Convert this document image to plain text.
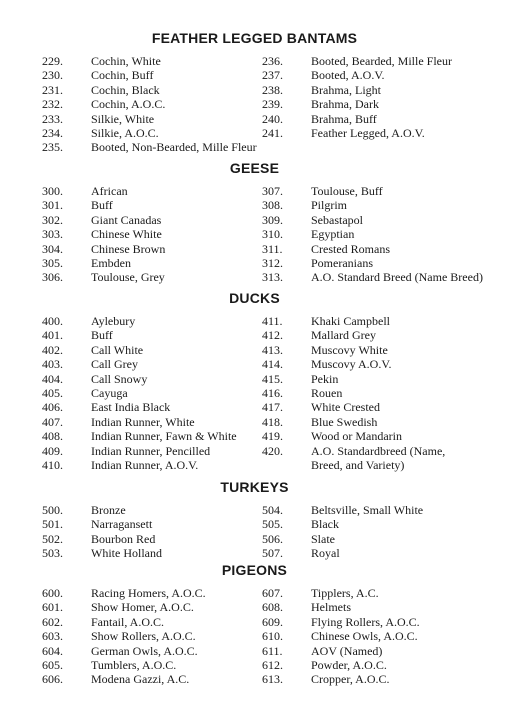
FEATHER LEGGED BANTAMS
229. Cochin, White
230. Cochin, Buff
231. Cochin, Black
232. Cochin, A.O.C.
233. Silkie, White
234. Silkie, A.O.C.
235. Booted, Non-Bearded, Mille Fleur
236. Booted, Bearded, Mille Fleur
237. Booted, A.O.V.
238. Brahma, Light
239. Brahma, Dark
240. Brahma, Buff
241. Feather Legged, A.O.V.
GEESE
300. African
301. Buff
302. Giant Canadas
303. Chinese White
304. Chinese Brown
305. Embden
306. Toulouse, Grey
307. Toulouse, Buff
308. Pilgrim
309. Sebastapol
310. Egyptian
311. Crested Romans
312. Pomeranians
313. A.O. Standard Breed (Name Breed)
DUCKS
400. Aylebury
401. Buff
402. Call White
403. Call Grey
404. Call Snowy
405. Cayuga
406. East India Black
407. Indian Runner, White
408. Indian Runner, Fawn & White
409. Indian Runner, Pencilled
410. Indian Runner, A.O.V.
411. Khaki Campbell
412. Mallard Grey
413. Muscovy White
414. Muscovy A.O.V.
415. Pekin
416. Rouen
417. White Crested
418. Blue Swedish
419. Wood or Mandarin
420. A.O. Standardbreed (Name,
Breed, and Variety)
TURKEYS
500. Bronze
501. Narragansett
502. Bourbon Red
503. White Holland
504. Beltsville, Small White
505. Black
506. Slate
507. Royal
PIGEONS
600. Racing Homers, A.O.C.
601. Show Homer, A.O.C.
602. Fantail, A.O.C.
603. Show Rollers, A.O.C.
604. German Owls, A.O.C.
605. Tumblers, A.O.C.
606. Modena Gazzi, A.C.
607. Tipplers, A.C.
608. Helmets
609. Flying Rollers, A.O.C.
610. Chinese Owls, A.O.C.
611. AOV (Named)
612. Powder, A.O.C.
613. Cropper, A.O.C.
